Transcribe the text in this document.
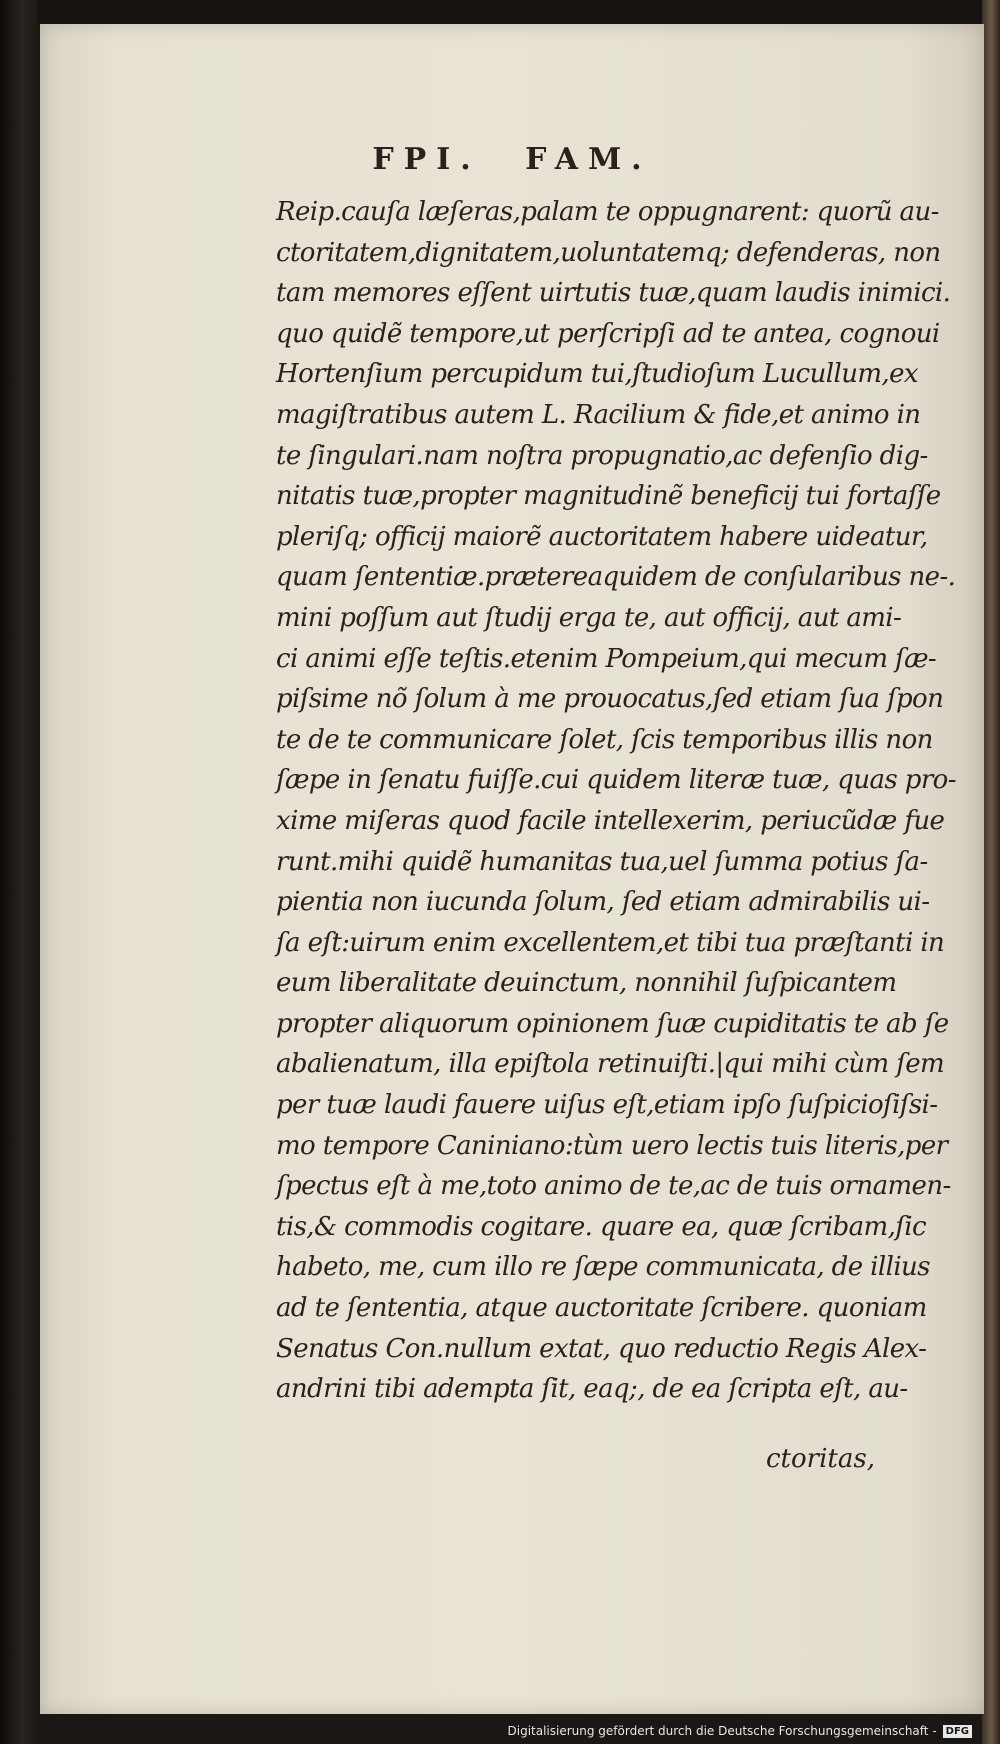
FPI. FAM.
Reip.cauſa læſeras,palam te oppugnarent: quorũ au-
ctoritatem,dignitatem,uoluntatemq; defenderas, non
tam memores eſſent uirtutis tuæ,quam laudis inimici.
quo quidẽ tempore,ut perſcripſi ad te antea, cognoui
Hortenſium percupidum tui,ſtudioſum Lucullum,ex
magiſtratibus autem L. Racilium & fide,et animo in
te ſingulari.nam noſtra propugnatio,ac defenſio dig-
nitatis tuæ,propter magnitudinẽ beneficij tui fortaſſe
pleriſq; officij maiorẽ auctoritatem habere uideatur,
quam ſententiæ.prætereaquidem de conſularibus ne-.
mini poſſum aut ſtudij erga te, aut officij, aut ami-
ci animi eſſe teſtis.etenim Pompeium,qui mecum ſæ-
piſsime nõ ſolum à me prouocatus,ſed etiam ſua ſpon
te de te communicare ſolet, ſcis temporibus illis non
ſæpe in ſenatu fuiſſe.cui quidem literæ tuæ, quas pro-
xime miſeras quod facile intellexerim, periucũdæ fue
runt.mihi quidẽ humanitas tua,uel ſumma potius ſa-
pientia non iucunda ſolum, ſed etiam admirabilis ui-
ſa eſt:uirum enim excellentem,et tibi tua præſtanti in
eum liberalitate deuinctum, nonnihil ſuſpicantem
propter aliquorum opinionem ſuæ cupiditatis te ab ſe
abalienatum, illa epiſtola retinuiſti.|qui mihi cùm ſem
per tuæ laudi fauere uiſus eſt,etiam ipſo ſuſpicioſiſsi-
mo tempore Caniniano:tùm uero lectis tuis literis,per
ſpectus eſt à me,toto animo de te,ac de tuis ornamen-
tis,& commodis cogitare. quare ea, quæ ſcribam,ſic
habeto, me, cum illo re ſæpe communicata, de illius
ad te ſententia, atque auctoritate ſcribere. quoniam
Senatus Con.nullum extat, quo reductio Regis Alex-
andrini tibi adempta ſit, eaq;, de ea ſcripta eſt, au-
ctoritas,
Digitalisierung gefördert durch die Deutsche Forschungsgemeinschaft - DFG
